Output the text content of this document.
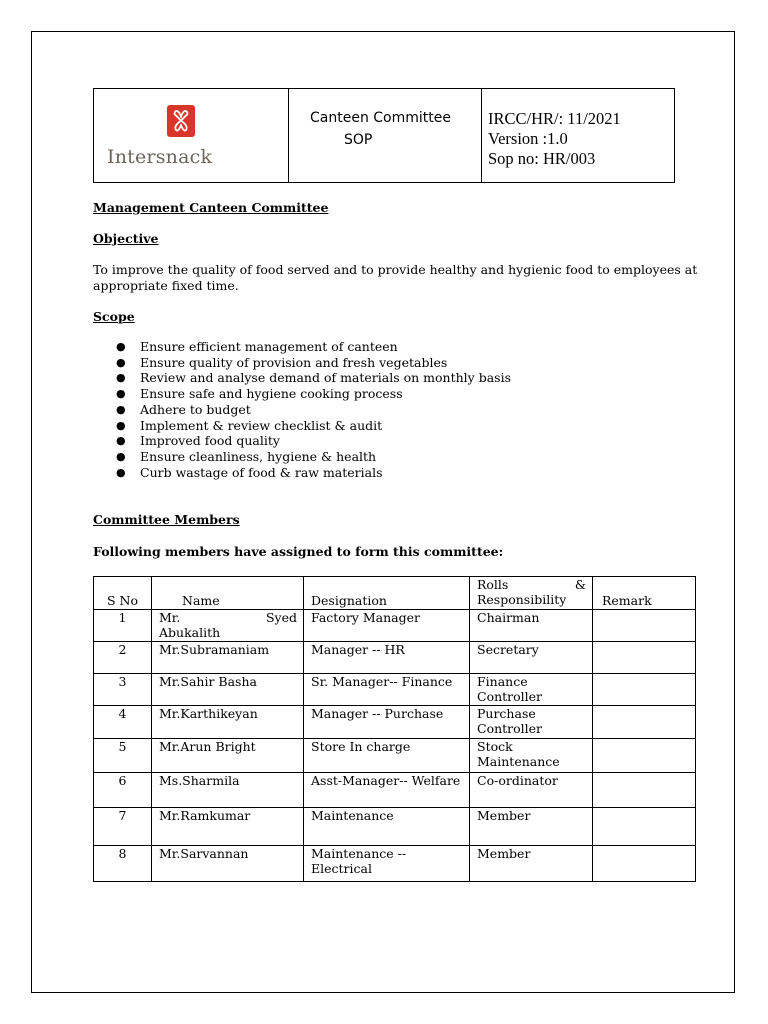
Intersnack
Canteen Committee
SOP
IRCC/HR/: 11/2021
Version :1.0
Sop no: HR/003
Management Canteen Committee
Objective
To improve the quality of food served and to provide healthy and hygienic food to employees at
appropriate fixed time.
Scope
● Ensure efficient management of canteen
● Ensure quality of provision and fresh vegetables
● Review and analyse demand of materials on monthly basis
● Ensure safe and hygiene cooking process
● Adhere to budget
● Implement & review checklist & audit
● Improved food quality
● Ensure cleanliness, hygiene & health
● Curb wastage of food & raw materials
Committee Members
Following members have assigned to form this committee:
S No	Name	Designation	Rolls &
Responsibility	Remark
1	Mr. Syed
Abukalith	Factory Manager	Chairman	
2	Mr.Subramaniam	Manager -- HR	Secretary	
3	Mr.Sahir Basha	Sr. Manager-- Finance	Finance
Controller	

4	Mr.Karthikeyan	Manager -- Purchase	Purchase
Controller	

5	Mr.Arun Bright	Store In charge	Stock
Maintenance	

6	Ms.Sharmila	Asst-Manager-- Welfare	Co-ordinator	
7	Mr.Ramkumar	Maintenance	Member	
8	Mr.Sarvannan	Maintenance -- Electrical	Member	
